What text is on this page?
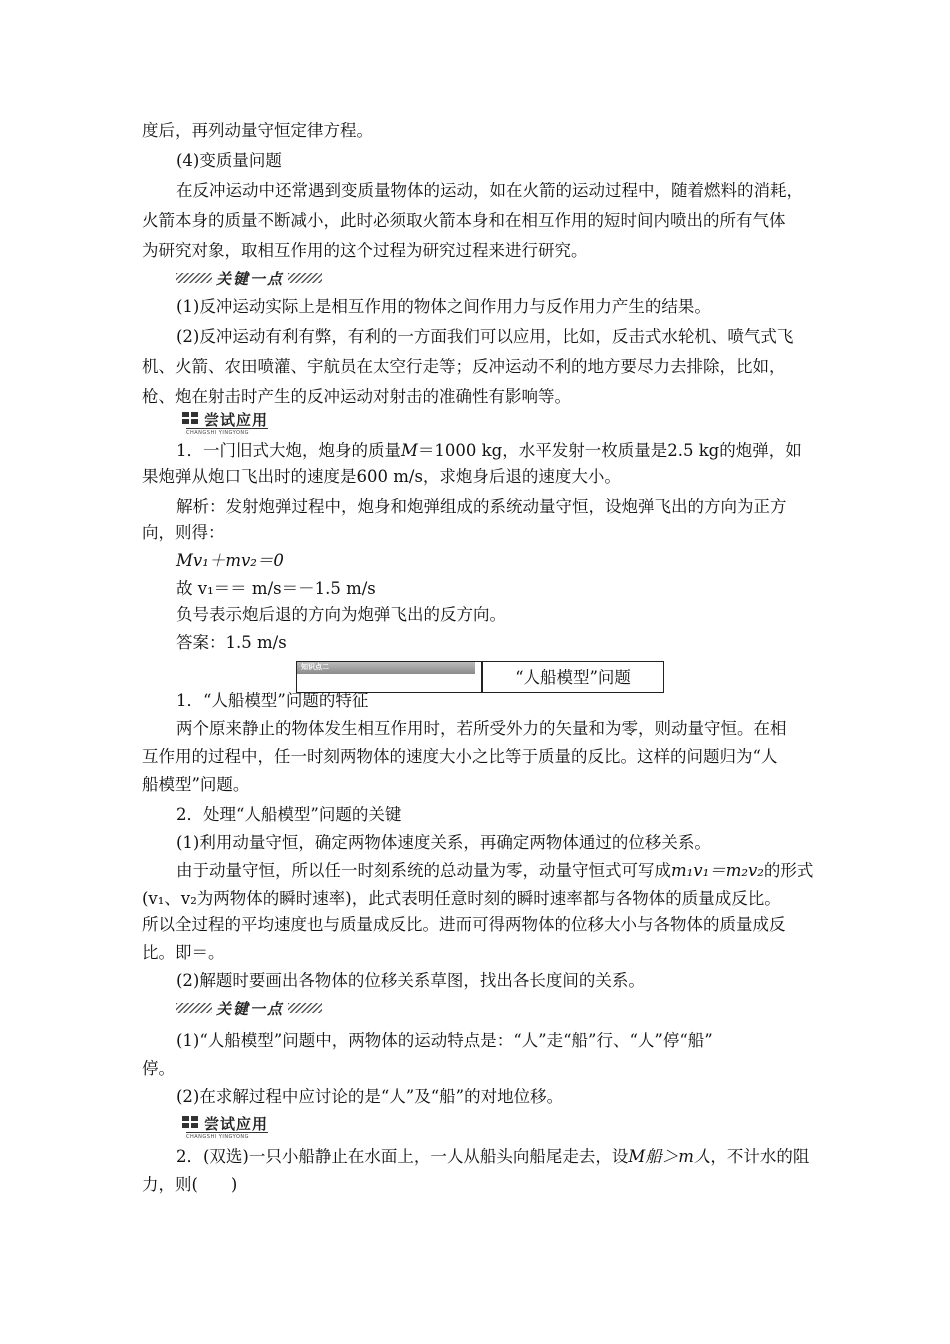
度后，再列动量守恒定律方程。
(4)变质量问题
在反冲运动中还常遇到变质量物体的运动，如在火箭的运动过程中，随着燃料的消耗，
火箭本身的质量不断减小，此时必须取火箭本身和在相互作用的短时间内喷出的所有气体
为研究对象，取相互作用的这个过程为研究过程来进行研究。
关键一点
(1)反冲运动实际上是相互作用的物体之间作用力与反作用力产生的结果。
(2)反冲运动有利有弊，有利的一方面我们可以应用，比如，反击式水轮机、喷气式飞
机、火箭、农田喷灌、宇航员在太空行走等；反冲运动不利的地方要尽力去排除，比如，
枪、炮在射击时产生的反冲运动对射击的准确性有影响等。
尝试应用
CHANGSHI YINGYONG
1．一门旧式大炮，炮身的质量M＝1000 kg，水平发射一枚质量是2.5 kg的炮弹，如
果炮弹从炮口飞出时的速度是600 m/s，求炮身后退的速度大小。
解析：发射炮弹过程中，炮身和炮弹组成的系统动量守恒，设炮弹飞出的方向为正方
向，则得：
Mv₁＋mv₂＝0
故 v₁＝＝ m/s＝－1.5 m/s
负号表示炮后退的方向为炮弹飞出的反方向。
答案：1.5 m/s
知识点二
“人船模型”问题
1．“人船模型”问题的特征
两个原来静止的物体发生相互作用时，若所受外力的矢量和为零，则动量守恒。在相
互作用的过程中，任一时刻两物体的速度大小之比等于质量的反比。这样的问题归为“人
船模型”问题。
2．处理“人船模型”问题的关键
(1)利用动量守恒，确定两物体速度关系，再确定两物体通过的位移关系。
由于动量守恒，所以任一时刻系统的总动量为零，动量守恒式可写成m₁v₁＝m₂v₂的形式
(v₁、v₂为两物体的瞬时速率)，此式表明任意时刻的瞬时速率都与各物体的质量成反比。
所以全过程的平均速度也与质量成反比。进而可得两物体的位移大小与各物体的质量成反
比。即＝。
(2)解题时要画出各物体的位移关系草图，找出各长度间的关系。
关键一点
(1)“人船模型”问题中，两物体的运动特点是：“人”走“船”行、“人”停“船”
停。
(2)在求解过程中应讨论的是“人”及“船”的对地位移。
尝试应用
CHANGSHI YINGYONG
2．(双选)一只小船静止在水面上，一人从船头向船尾走去，设M船＞m人，不计水的阻
力，则(　　)
